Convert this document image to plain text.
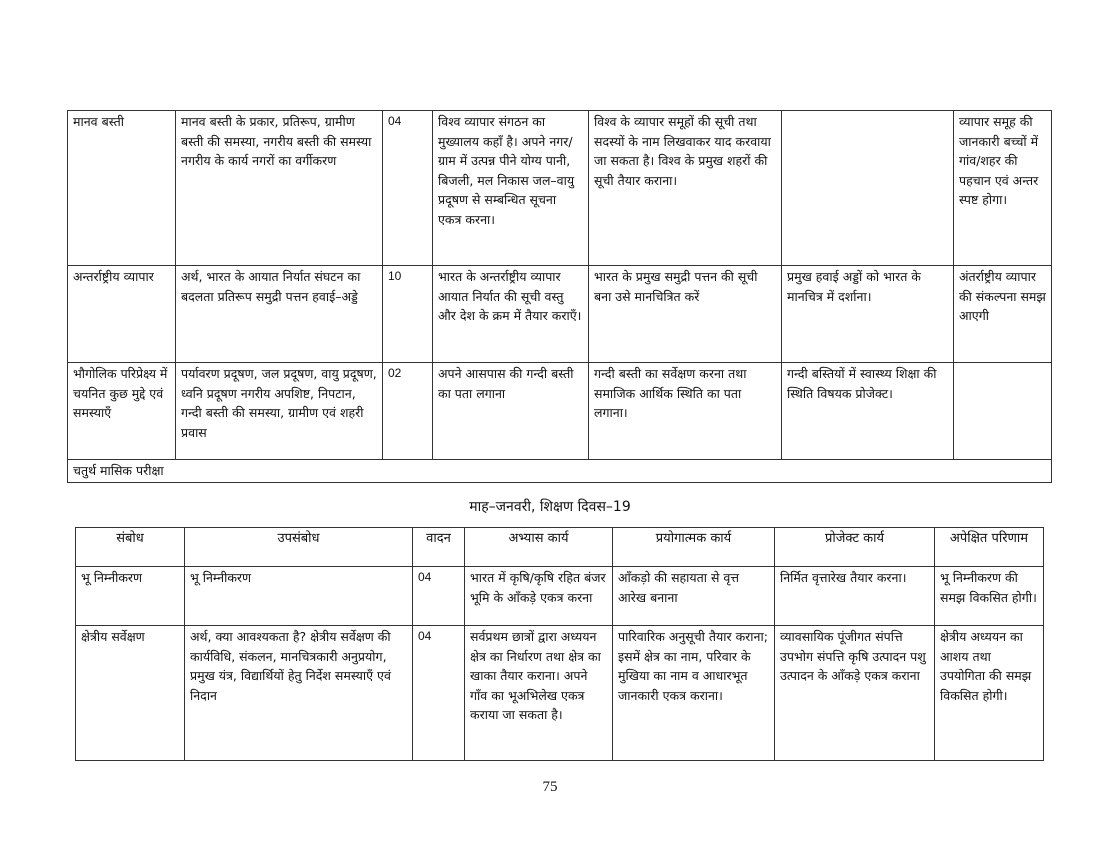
मानव बस्ती	मानव बस्ती के प्रकार, प्रतिरूप, ग्रामीण बस्ती की समस्या, नगरीय बस्ती की समस्या नगरीय के कार्य नगरों का वर्गीकरण	04	विश्व व्यापार संगठन का मुख्यालय कहाँ है। अपने नगर/ग्राम में उत्पन्न पीने योग्य पानी, बिजली, मल निकास जल–वायु प्रदूषण से सम्बन्धित सूचना एकत्र करना।	विश्व के व्यापार समूहों की सूची तथा सदस्यों के नाम लिखवाकर याद करवाया जा सकता है। विश्व के प्रमुख शहरों की सूची तैयार कराना।		व्यापार समूह की जानकारी बच्चों में गांव/शहर की पहचान एवं अन्तर स्पष्ट होगा।
अन्तर्राष्ट्रीय व्यापार	अर्थ, भारत के आयात निर्यात संघटन का बदलता प्रतिरूप समुद्री पत्तन हवाई–अड्डे	10	भारत के अन्तर्राष्ट्रीय व्यापार आयात निर्यात की सूची वस्तु और देश के क्रम में तैयार कराएँ।	भारत के प्रमुख समुद्री पत्तन की सूची बना उसे मानचित्रित करें	प्रमुख हवाई अड्डों को भारत के मानचित्र में दर्शाना।	अंतर्राष्ट्रीय व्यापार की संकल्पना समझ आएगी
भौगोलिक परिप्रेक्ष्य में चयनित कुछ मुद्दे एवं समस्याएँ	पर्यावरण प्रदूषण, जल प्रदूषण, वायु प्रदूषण, ध्वनि प्रदूषण नगरीय अपशिष्ट, निपटान, गन्दी बस्ती की समस्या, ग्रामीण एवं शहरी प्रवास	02	अपने आसपास की गन्दी बस्ती का पता लगाना	गन्दी बस्ती का सर्वेक्षण करना तथा समाजिक आर्थिक स्थिति का पता लगाना।	गन्दी बस्तियों में स्वास्थ्य शिक्षा की स्थिति विषयक प्रोजेक्ट।	
चतुर्थ मासिक परीक्षा						
माह–जनवरी, शिक्षण दिवस–19
संबोध	उपसंबोध	वादन	अभ्यास कार्य	प्रयोगात्मक कार्य	प्रोजेक्ट कार्य	अपेक्षित परिणाम
भू निम्नीकरण	भू निम्नीकरण	04	भारत में कृषि/कृषि रहित बंजर भूमि के आँकड़े एकत्र करना	आँकड़ो की सहायता से वृत्त आरेख बनाना	निर्मित वृत्तारेख तैयार करना।	भू निम्नीकरण की समझ विकसित होगी।
क्षेत्रीय सर्वेक्षण	अर्थ, क्या आवश्यकता है? क्षेत्रीय सर्वेक्षण की कार्यविधि, संकलन, मानचित्रकारी अनुप्रयोग, प्रमुख यंत्र, विद्यार्थियों हेतु निर्देश समस्याएँ एवं निदान	04	सर्वप्रथम छात्रों द्वारा अध्ययन क्षेत्र का निर्धारण तथा क्षेत्र का खाका तैयार कराना। अपने गाँव का भूअभिलेख एकत्र कराया जा सकता है।	पारिवारिक अनुसूची तैयार कराना; इसमें क्षेत्र का नाम, परिवार के मुखिया का नाम व आधारभूत जानकारी एकत्र कराना।	व्यावसायिक पूंजीगत संपत्ति उपभोग संपत्ति कृषि उत्पादन पशु उत्पादन के आँकड़े एकत्र कराना	क्षेत्रीय अध्ययन का आशय तथा उपयोगिता की समझ विकसित होगी।
75
